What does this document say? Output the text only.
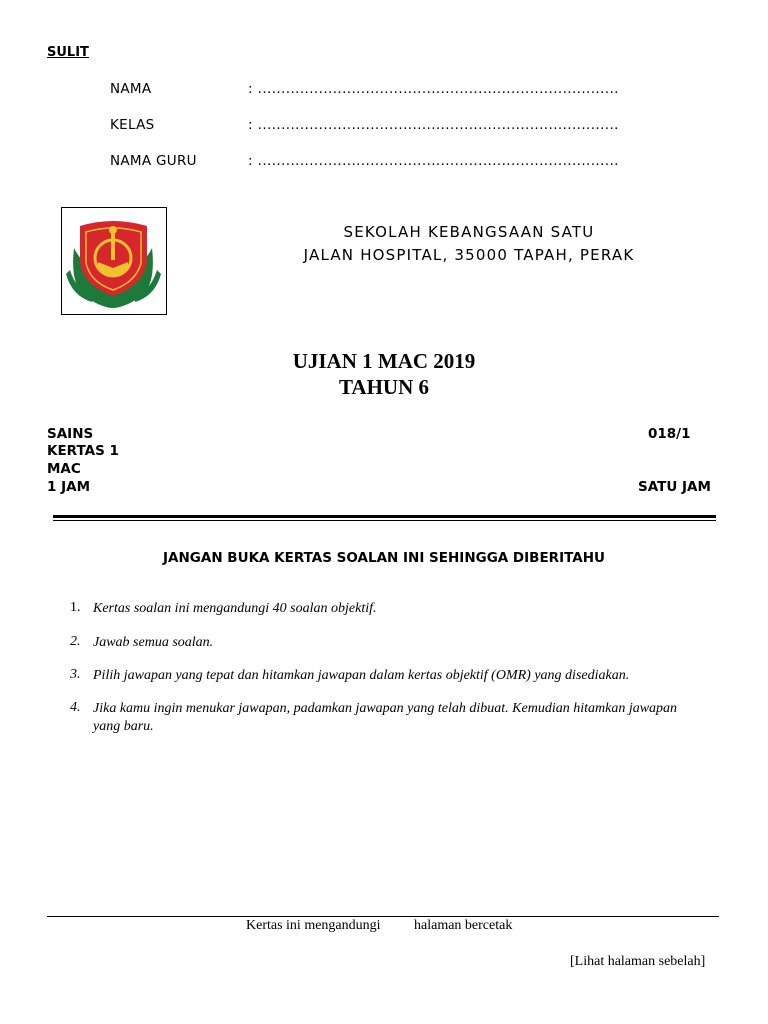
SULIT
NAMA	: .............................................................................
KELAS	: .............................................................................
NAMA GURU	: .............................................................................
SEKOLAH KEBANGSAAN SATU
JALAN HOSPITAL, 35000 TAPAH, PERAK
UJIAN 1 MAC 2019
TAHUN 6
SAINS
KERTAS 1
MAC
1 JAM
018/1
SATU JAM
JANGAN BUKA KERTAS SOALAN INI SEHINGGA DIBERITAHU
1. Kertas soalan ini mengandungi 40 soalan objektif.
2. Jawab semua soalan.
3. Pilih jawapan yang tepat dan hitamkan jawapan dalam kertas objektif (OMR) yang disediakan.
4. Jika kamu ingin menukar jawapan, padamkan jawapan yang telah dibuat. Kemudian hitamkan jawapan yang baru.
Kertas ini mengandungi halaman bercetak
[Lihat halaman sebelah]
